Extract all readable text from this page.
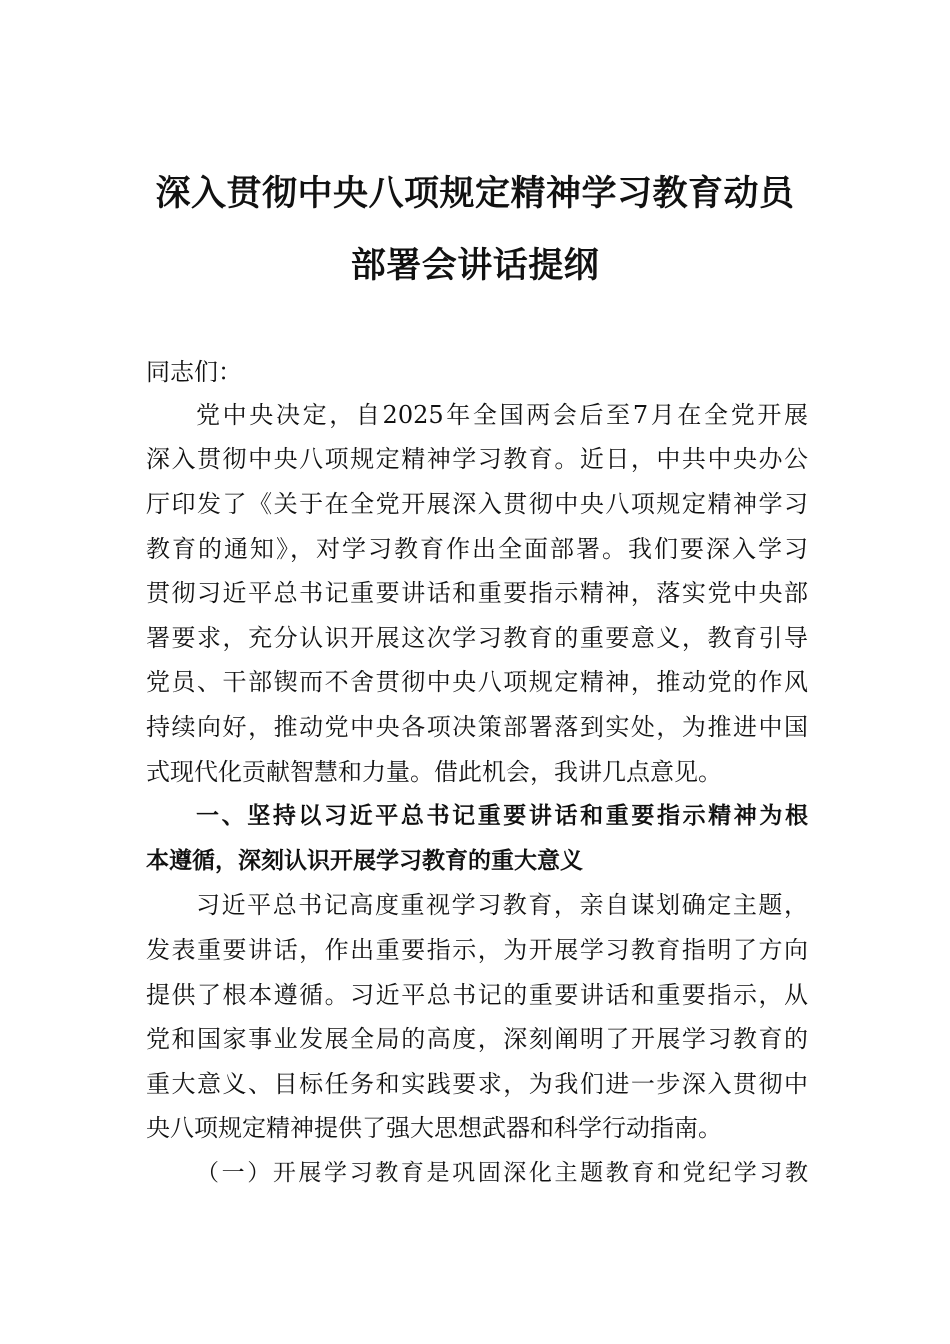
深入贯彻中央八项规定精神学习教育动员
部署会讲话提纲
同志们：
党中央决定，自2025年全国两会后至7月在全党开展
深入贯彻中央八项规定精神学习教育。近日，中共中央办公
厅印发了《关于在全党开展深入贯彻中央八项规定精神学习
教育的通知》，对学习教育作出全面部署。我们要深入学习
贯彻习近平总书记重要讲话和重要指示精神，落实党中央部
署要求，充分认识开展这次学习教育的重要意义，教育引导
党员、干部锲而不舍贯彻中央八项规定精神，推动党的作风
持续向好，推动党中央各项决策部署落到实处，为推进中国
式现代化贡献智慧和力量。借此机会，我讲几点意见。
一、坚持以习近平总书记重要讲话和重要指示精神为根
本遵循，深刻认识开展学习教育的重大意义
习近平总书记高度重视学习教育，亲自谋划确定主题，
发表重要讲话，作出重要指示，为开展学习教育指明了方向
提供了根本遵循。习近平总书记的重要讲话和重要指示，从
党和国家事业发展全局的高度，深刻阐明了开展学习教育的
重大意义、目标任务和实践要求，为我们进一步深入贯彻中
央八项规定精神提供了强大思想武器和科学行动指南。
（一）开展学习教育是巩固深化主题教育和党纪学习教
